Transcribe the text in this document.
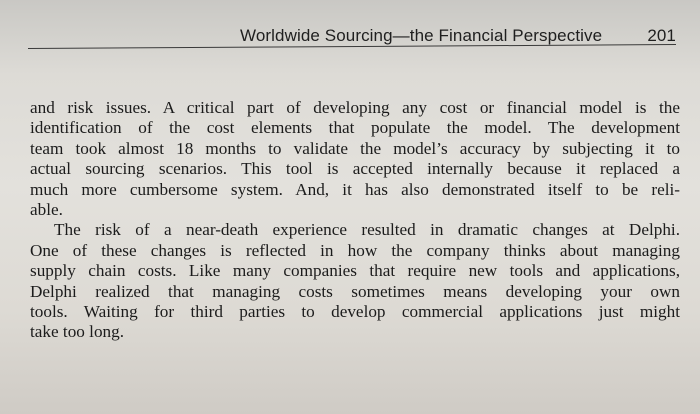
Worldwide Sourcing—the Financial Perspective	201

and risk issues. A critical part of developing any cost or financial model is the
identification of the cost elements that populate the model. The development
team took almost 18 months to validate the model’s accuracy by subjecting it to
actual sourcing scenarios. This tool is accepted internally because it replaced a
much more cumbersome system. And, it has also demonstrated itself to be reli-
able.

The risk of a near-death experience resulted in dramatic changes at Delphi.
One of these changes is reflected in how the company thinks about managing
supply chain costs. Like many companies that require new tools and applications,
Delphi realized that managing costs sometimes means developing your own
tools. Waiting for third parties to develop commercial applications just might
take too long.
